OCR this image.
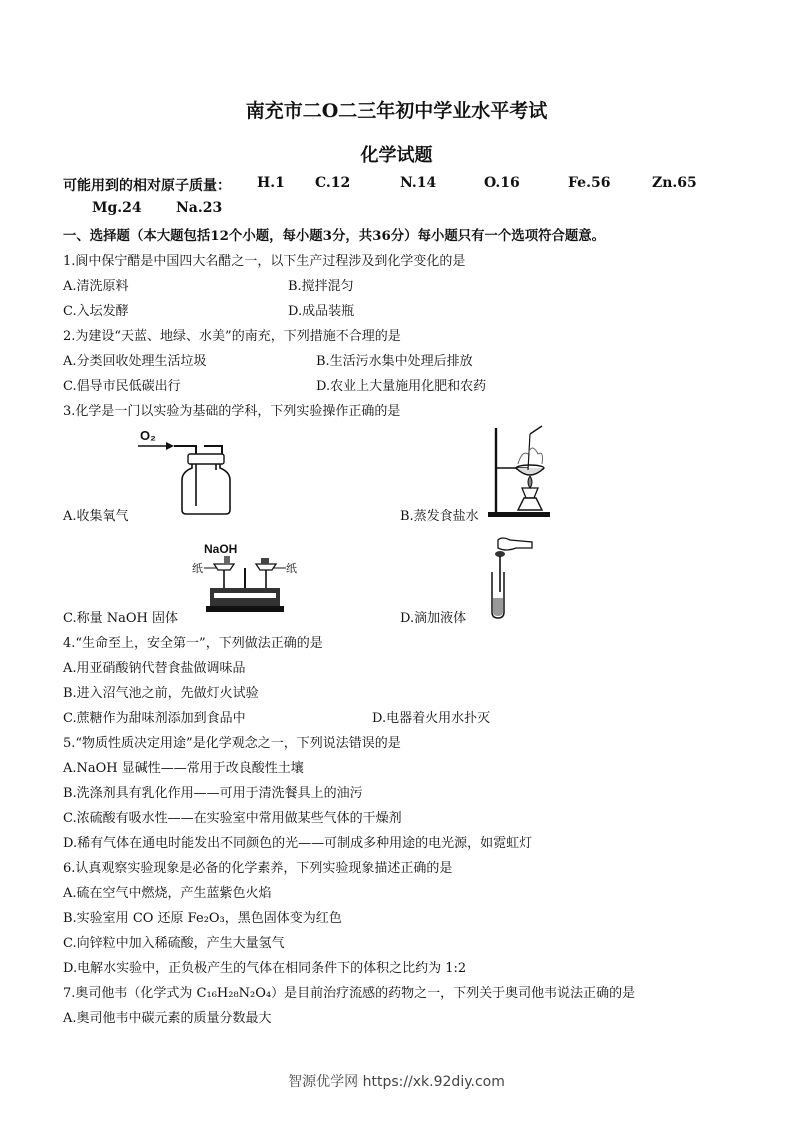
南充市二O二三年初中学业水平考试
化学试题
可能用到的相对原子质量： H.1 C.12	N.14	O.16	Fe.56	Zn.65
Mg.24 Na.23
一、选择题（本大题包括12个小题，每小题3分，共36分）每小题只有一个选项符合题意。
1.阆中保宁醋是中国四大名醋之一，以下生产过程涉及到化学变化的是
A.清洗原料	B.搅拌混匀
C.入坛发酵	D.成品装瓶
2.为建设“天蓝、地绿、水美”的南充，下列措施不合理的是
A.分类回收处理生活垃圾	B.生活污水集中处理后排放
C.倡导市民低碳出行	D.农业上大量施用化肥和农药
3.化学是一门以实验为基础的学科，下列实验操作正确的是
O₂
A.收集氧气	B.蒸发食盐水
NaOH
纸	纸
C.称量 NaOH 固体	D.滴加液体
4.“生命至上，安全第一”，下列做法正确的是
A.用亚硝酸钠代替食盐做调味品
B.进入沼气池之前，先做灯火试验
C.蔗糖作为甜味剂添加到食品中	D.电器着火用水扑灭
5.“物质性质决定用途”是化学观念之一，下列说法错误的是
A.NaOH 显碱性——常用于改良酸性土壤
B.洗涤剂具有乳化作用——可用于清洗餐具上的油污
C.浓硫酸有吸水性——在实验室中常用做某些气体的干燥剂
D.稀有气体在通电时能发出不同颜色的光——可制成多种用途的电光源，如霓虹灯
6.认真观察实验现象是必备的化学素养，下列实验现象描述正确的是
A.硫在空气中燃烧，产生蓝紫色火焰
B.实验室用 CO 还原 Fe₂O₃，黑色固体变为红色
C.向锌粒中加入稀硫酸，产生大量氢气
D.电解水实验中，正负极产生的气体在相同条件下的体积之比约为 1:2
7.奥司他韦（化学式为 C₁₆H₂₈N₂O₄）是目前治疗流感的药物之一，下列关于奥司他韦说法正确的是
A.奥司他韦中碳元素的质量分数最大
智源优学网 https://xk.92diy.com
